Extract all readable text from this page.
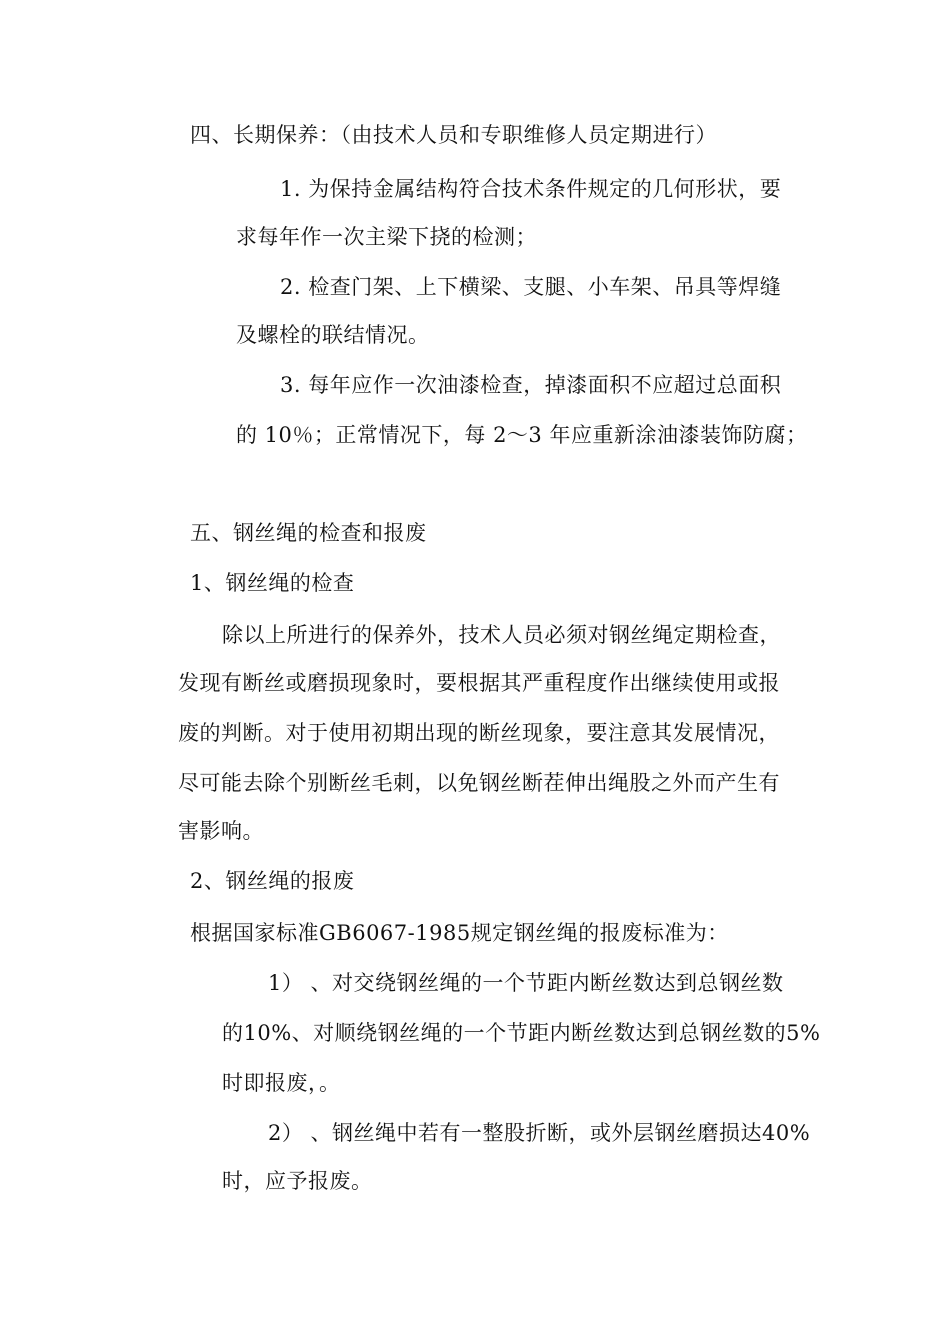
四、长期保养：（由技术人员和专职维修人员定期进行）
1. 为保持金属结构符合技术条件规定的几何形状，要
求每年作一次主梁下挠的检测；
2. 检查门架、上下横梁、支腿、小车架、吊具等焊缝
及螺栓的联结情况。
3. 每年应作一次油漆检查，掉漆面积不应超过总面积
的 10％；正常情况下，每 2～3 年应重新涂油漆装饰防腐；
五、钢丝绳的检查和报废
1、钢丝绳的检查
除以上所进行的保养外，技术人员必须对钢丝绳定期检查，
发现有断丝或磨损现象时，要根据其严重程度作出继续使用或报
废的判断。对于使用初期出现的断丝现象，要注意其发展情况，
尽可能去除个别断丝毛刺，以免钢丝断茬伸出绳股之外而产生有
害影响。
2、钢丝绳的报废
根据国家标准GB6067-1985规定钢丝绳的报废标准为：
1） 、对交绕钢丝绳的一个节距内断丝数达到总钢丝数
的10%、对顺绕钢丝绳的一个节距内断丝数达到总钢丝数的5%
时即报废，。
2） 、钢丝绳中若有一整股折断，或外层钢丝磨损达40%
时，应予报废。
